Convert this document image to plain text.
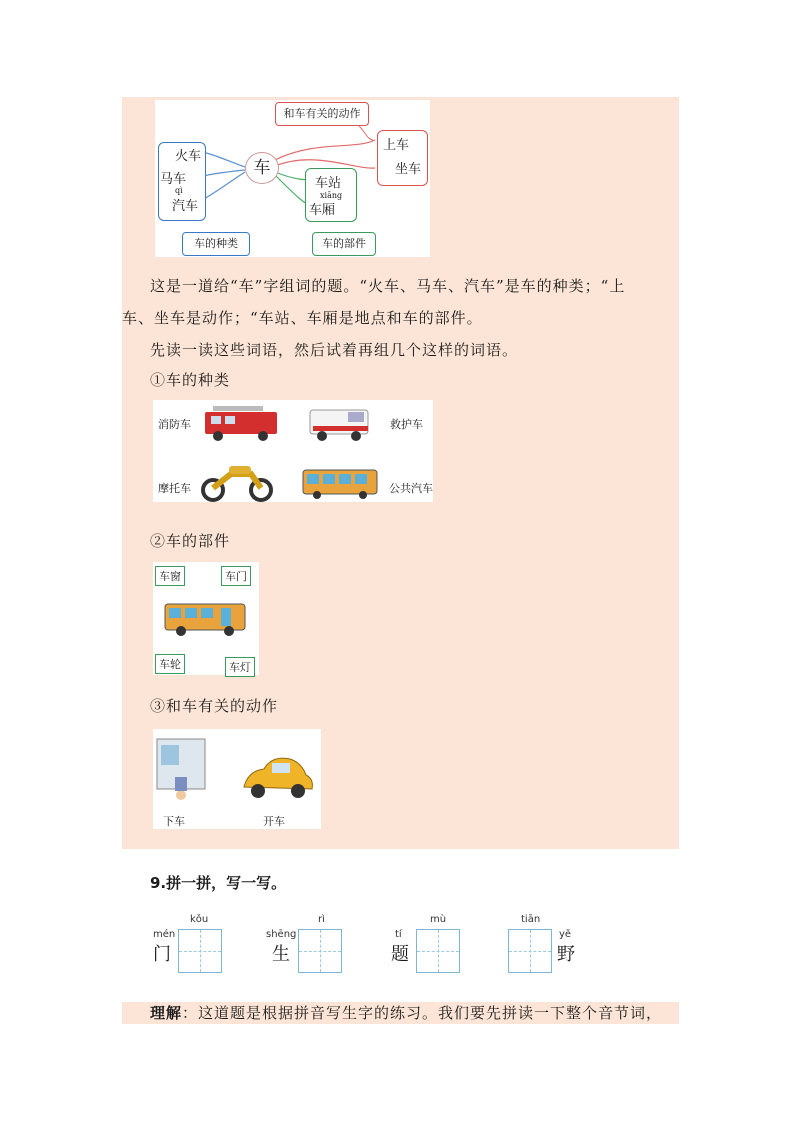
和车有关的动作
车
火车
马车
qì
汽车
车的种类
上车
坐车
车站
xiāng
车厢
车的部件
这是一道给“车”字组词的题。“火车、马车、汽车”是车的种类；“上
车、坐车是动作；“车站、车厢是地点和车的部件。
先读一读这些词语，然后试着再组几个这样的词语。
①车的种类
消防车	救护车
摩托车	公共汽车
②车的部件
车窗	车门
车轮	车灯
③和车有关的动作
下车	开车
9.拼一拼，写一写。
mén
门
kǒu
shēng
生
rì
tí
题
mù	tiān
yě
野
理解：这道题是根据拼音写生字的练习。我们要先拼读一下整个音节词，
